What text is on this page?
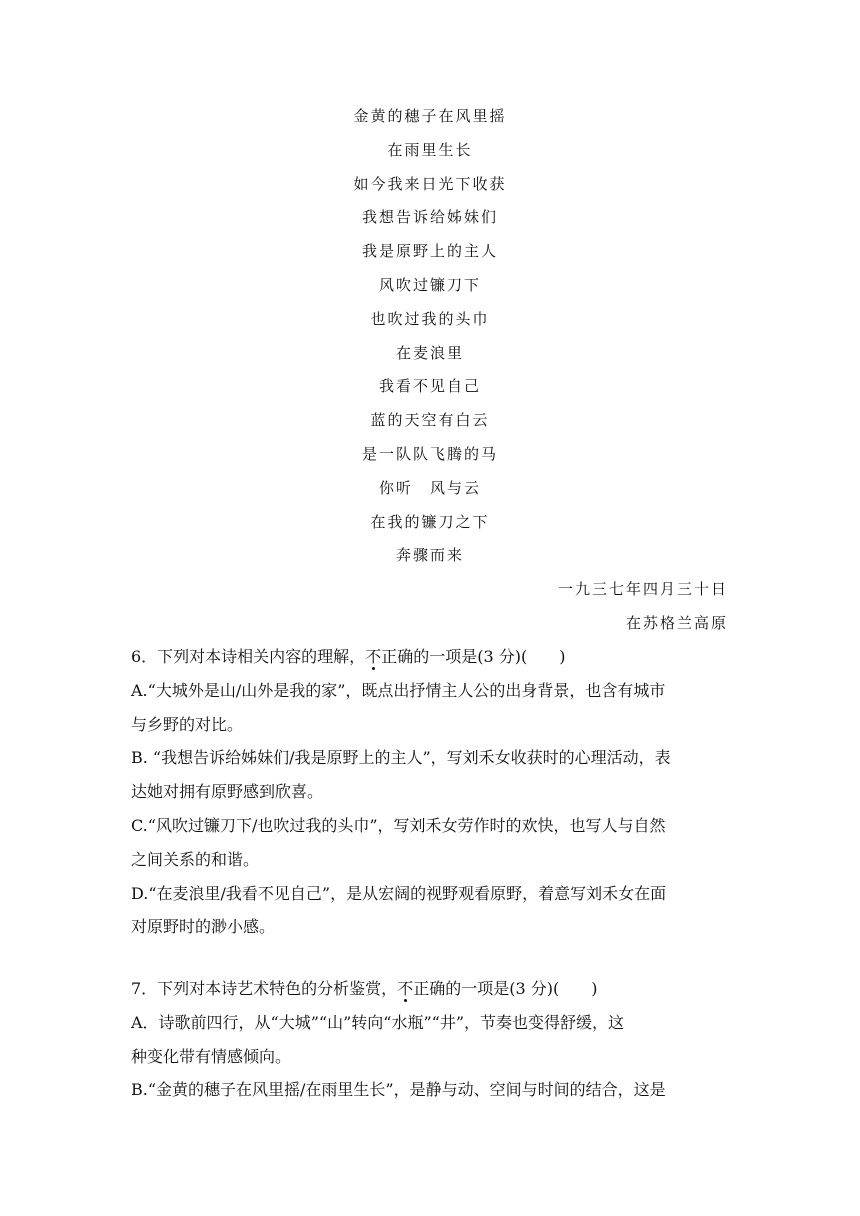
金黄的穗子在风里摇
在雨里生长
如今我来日光下收获
我想告诉给姊妹们
我是原野上的主人
风吹过镰刀下
也吹过我的头巾
在麦浪里
我看不见自己
蓝的天空有白云
是一队队飞腾的马
你听　风与云
在我的镰刀之下
奔骤而来
一九三七年四月三十日
在苏格兰高原

6．下列对本诗相关内容的理解，不正确的一项是(3 分)(　　)

A.“大城外是山/山外是我的家”，既点出抒情主人公的出身背景，也含有城市
与乡野的对比。

B. “我想告诉给姊妹们/我是原野上的主人”，写刘禾女收获时的心理活动，表
达她对拥有原野感到欣喜。

C.“风吹过镰刀下/也吹过我的头巾”，写刘禾女劳作时的欢快，也写人与自然
之间关系的和谐。

D.“在麦浪里/我看不见自己”，是从宏阔的视野观看原野，着意写刘禾女在面
对原野时的渺小感。

7．下列对本诗艺术特色的分析鉴赏，不正确的一项是(3 分)(　　)

A．诗歌前四行，从“大城”“山”转向“水瓶”“井”，节奏也变得舒缓，这
种变化带有情感倾向。

B.“金黄的穗子在风里摇/在雨里生长”，是静与动、空间与时间的结合，这是
